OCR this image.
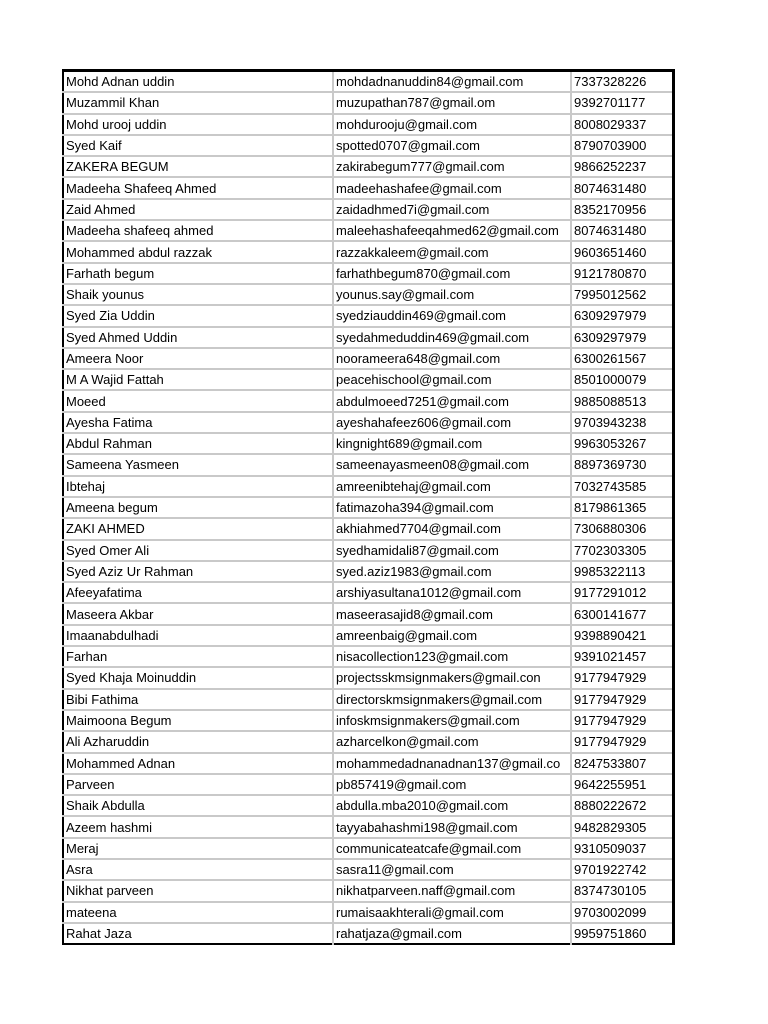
Mohd Adnan uddin	mohdadnanuddin84@gmail.com	7337328226
Muzammil Khan	muzupathan787@gmail.om	9392701177
Mohd urooj uddin	mohdurooju@gmail.com	8008029337
Syed Kaif	spotted0707@gmail.com	8790703900
ZAKERA BEGUM	zakirabegum777@gmail.com	9866252237
Madeeha Shafeeq Ahmed	madeehashafee@gmail.com	8074631480
Zaid Ahmed	zaidadhmed7i@gmail.com	8352170956
Madeeha shafeeq ahmed	maleehashafeeqahmed62@gmail.com	8074631480
Mohammed abdul razzak	razzakkaleem@gmail.com	9603651460
Farhath begum	farhathbegum870@gmail.com	9121780870
Shaik younus	younus.say@gmail.com	7995012562
Syed Zia Uddin	syedziauddin469@gmail.com	6309297979
Syed Ahmed Uddin	syedahmeduddin469@gmail.com	6309297979
Ameera Noor	noorameera648@gmail.com	6300261567
M A Wajid Fattah	peacehischool@gmail.com	8501000079
Moeed	abdulmoeed7251@gmail.com	9885088513
Ayesha Fatima	ayeshahafeez606@gmail.com	9703943238
Abdul Rahman	kingnight689@gmail.com	9963053267
Sameena Yasmeen	sameenayasmeen08@gmail.com	8897369730
Ibtehaj	amreenibtehaj@gmail.com	7032743585
Ameena begum	fatimazoha394@gmail.com	8179861365
ZAKI AHMED	akhiahmed7704@gmail.com	7306880306
Syed Omer Ali	syedhamidali87@gmail.com	7702303305
Syed Aziz Ur Rahman	syed.aziz1983@gmail.com	9985322113
Afeeyafatima	arshiyasultana1012@gmail.com	9177291012
Maseera Akbar	maseerasajid8@gmail.com	6300141677
Imaanabdulhadi	amreenbaig@gmail.com	9398890421
Farhan	nisacollection123@gmail.com	9391021457
Syed Khaja Moinuddin	projectsskmsignmakers@gmail.con	9177947929
Bibi Fathima	directorskmsignmakers@gmail.com	9177947929
Maimoona Begum	infoskmsignmakers@gmail.com	9177947929
Ali Azharuddin	azharcelkon@gmail.com	9177947929
Mohammed Adnan	mohammedadnanadnan137@gmail.co	8247533807
Parveen	pb857419@gmail.com	9642255951
Shaik Abdulla	abdulla.mba2010@gmail.com	8880222672
Azeem hashmi	tayyabahashmi198@gmail.com	9482829305
Meraj	communicateatcafe@gmail.com	9310509037
Asra	sasra11@gmail.com	9701922742
Nikhat parveen	nikhatparveen.naff@gmail.com	8374730105
mateena	rumaisaakhterali@gmail.com	9703002099
Rahat Jaza	rahatjaza@gmail.com	9959751860
